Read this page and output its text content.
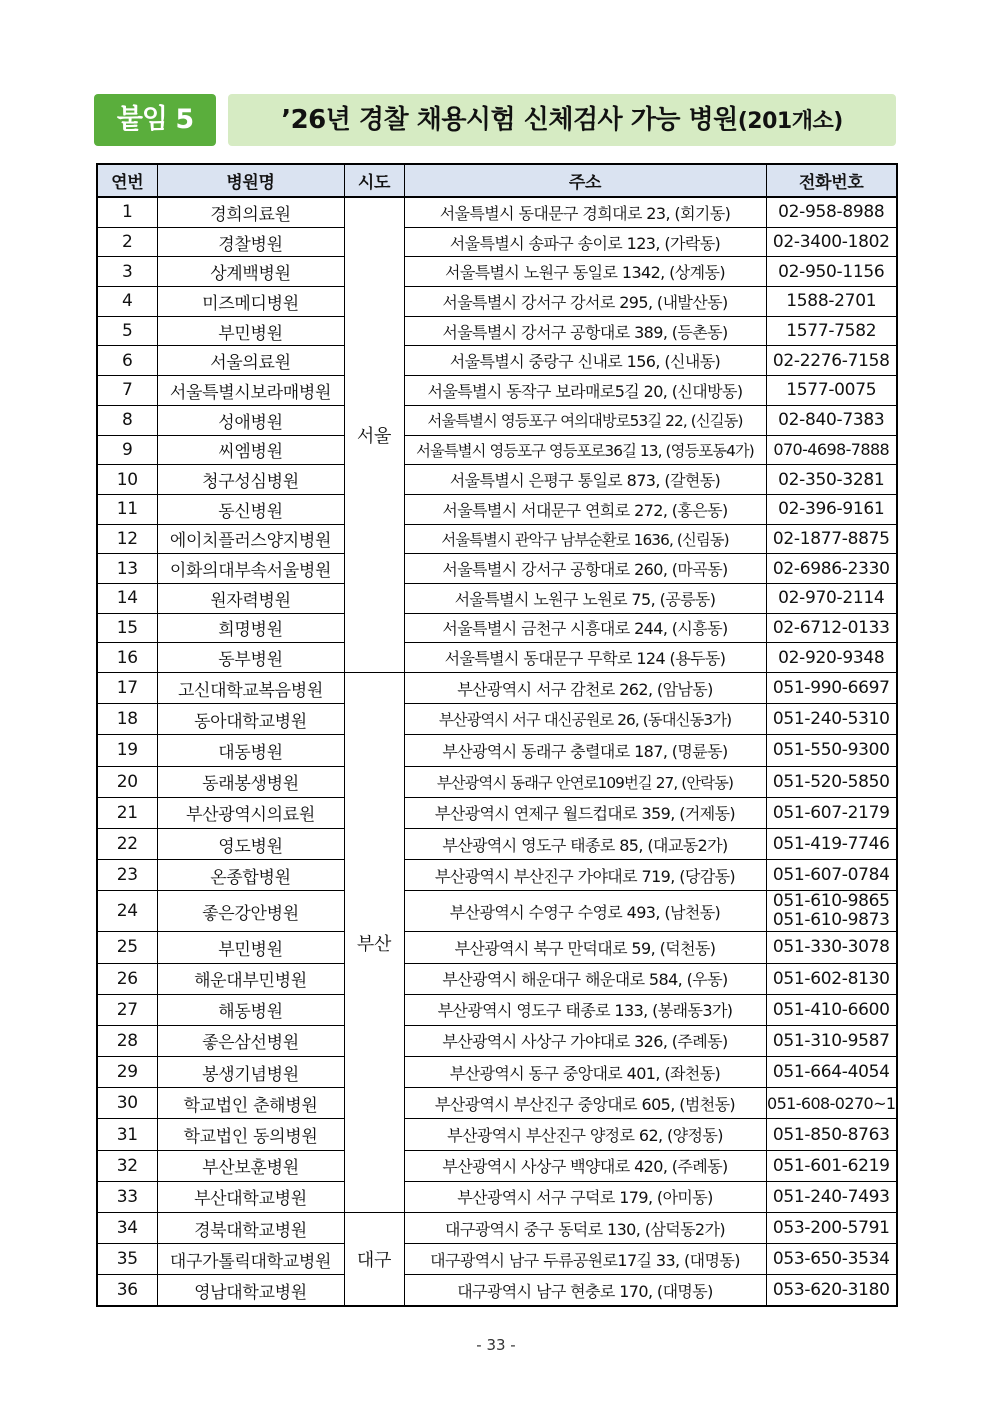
붙임 5	’26년 경찰 채용시험 신체검사 가능 병원(201개소)
연번	병원명	시도	주소	전화번호
1	경희의료원	서울	서울특별시 동대문구 경희대로 23, (회기동)	02-958-8988
2	경찰병원		서울특별시 송파구 송이로 123, (가락동)	02-3400-1802
3	상계백병원		서울특별시 노원구 동일로 1342, (상계동)	02-950-1156
4	미즈메디병원		서울특별시 강서구 강서로 295, (내발산동)	1588-2701
5	부민병원		서울특별시 강서구 공항대로 389, (등촌동)	1577-7582
6	서울의료원		서울특별시 중랑구 신내로 156, (신내동)	02-2276-7158
7	서울특별시보라매병원		서울특별시 동작구 보라매로5길 20, (신대방동)	1577-0075
8	성애병원		서울특별시 영등포구 여의대방로53길 22, (신길동)	02-840-7383
9	씨엠병원		서울특별시 영등포구 영등포로36길 13, (영등포동4가)	070-4698-7888
10	청구성심병원		서울특별시 은평구 통일로 873, (갈현동)	02-350-3281
11	동신병원		서울특별시 서대문구 연희로 272, (홍은동)	02-396-9161
12	에이치플러스양지병원		서울특별시 관악구 남부순환로 1636, (신림동)	02-1877-8875
13	이화의대부속서울병원		서울특별시 강서구 공항대로 260, (마곡동)	02-6986-2330
14	원자력병원		서울특별시 노원구 노원로 75, (공릉동)	02-970-2114
15	희명병원		서울특별시 금천구 시흥대로 244, (시흥동)	02-6712-0133
16	동부병원		서울특별시 동대문구 무학로 124 (용두동)	02-920-9348
17	고신대학교복음병원	부산	부산광역시 서구 감천로 262, (암남동)	051-990-6697
18	동아대학교병원		부산광역시 서구 대신공원로 26, (동대신동3가)	051-240-5310
19	대동병원		부산광역시 동래구 충렬대로 187, (명륜동)	051-550-9300
20	동래봉생병원		부산광역시 동래구 안연로109번길 27, (안락동)	051-520-5850
21	부산광역시의료원		부산광역시 연제구 월드컵대로 359, (거제동)	051-607-2179
22	영도병원		부산광역시 영도구 태종로 85, (대교동2가)	051-419-7746
23	온종합병원		부산광역시 부산진구 가야대로 719, (당감동)	051-607-0784
24	좋은강안병원		부산광역시 수영구 수영로 493, (남천동)	051-610-9865
051-610-9873

25	부민병원		부산광역시 북구 만덕대로 59, (덕천동)	051-330-3078
26	해운대부민병원		부산광역시 해운대구 해운대로 584, (우동)	051-602-8130
27	해동병원		부산광역시 영도구 태종로 133, (봉래동3가)	051-410-6600
28	좋은삼선병원		부산광역시 사상구 가야대로 326, (주례동)	051-310-9587
29	봉생기념병원		부산광역시 동구 중앙대로 401, (좌천동)	051-664-4054
30	학교법인 춘해병원		부산광역시 부산진구 중앙대로 605, (범천동)	051-608-0270~1
31	학교법인 동의병원		부산광역시 부산진구 양정로 62, (양정동)	051-850-8763
32	부산보훈병원		부산광역시 사상구 백양대로 420, (주례동)	051-601-6219
33	부산대학교병원		부산광역시 서구 구덕로 179, (아미동)	051-240-7493
34	경북대학교병원	대구	대구광역시 중구 동덕로 130, (삼덕동2가)	053-200-5791
35	대구가톨릭대학교병원		대구광역시 남구 두류공원로17길 33, (대명동)	053-650-3534
36	영남대학교병원		대구광역시 남구 현충로 170, (대명동)	053-620-3180
- 33 -
